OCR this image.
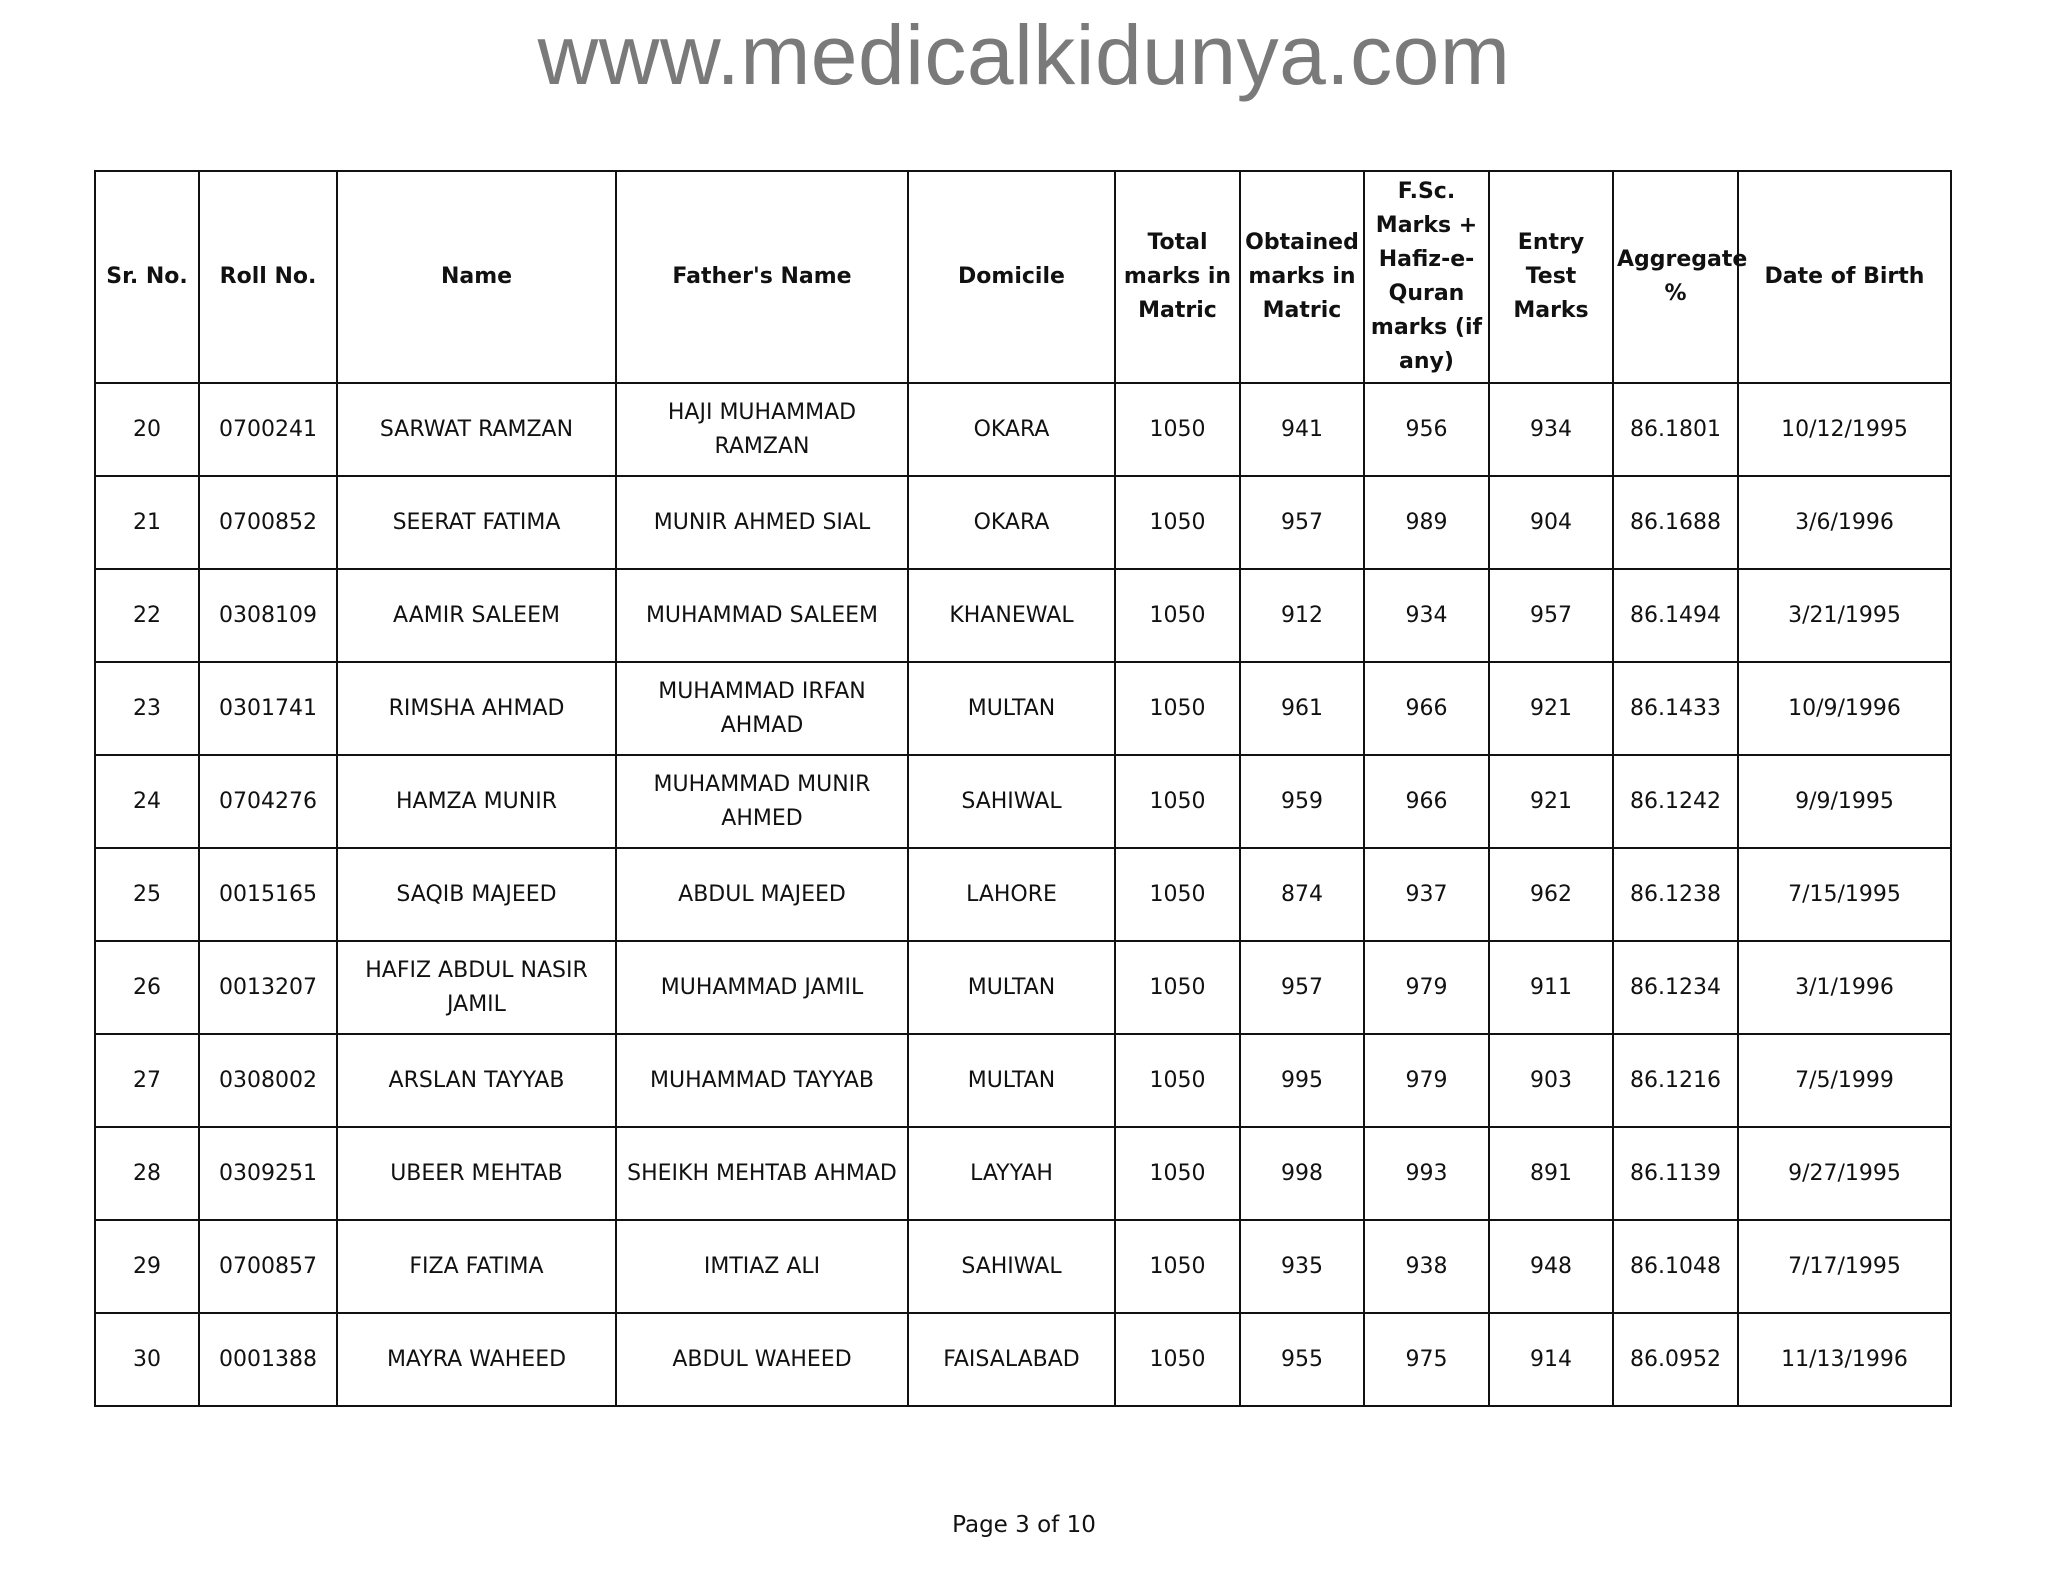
www.medicalkidunya.com
Sr. No.	Roll No.	Name	Father's Name	Domicile	Total marks in Matric	Obtained marks in Matric	F.Sc. Marks + Hafiz-e-Quran marks (if any)	Entry Test Marks	Aggregate %	Date of Birth
20	0700241	SARWAT RAMZAN	HAJI MUHAMMAD RAMZAN	OKARA	1050	941	956	934	86.1801	10/12/1995
21	0700852	SEERAT FATIMA	MUNIR AHMED SIAL	OKARA	1050	957	989	904	86.1688	3/6/1996
22	0308109	AAMIR SALEEM	MUHAMMAD SALEEM	KHANEWAL	1050	912	934	957	86.1494	3/21/1995
23	0301741	RIMSHA AHMAD	MUHAMMAD IRFAN AHMAD	MULTAN	1050	961	966	921	86.1433	10/9/1996
24	0704276	HAMZA MUNIR	MUHAMMAD MUNIR AHMED	SAHIWAL	1050	959	966	921	86.1242	9/9/1995
25	0015165	SAQIB MAJEED	ABDUL MAJEED	LAHORE	1050	874	937	962	86.1238	7/15/1995
26	0013207	HAFIZ ABDUL NASIR JAMIL	MUHAMMAD JAMIL	MULTAN	1050	957	979	911	86.1234	3/1/1996
27	0308002	ARSLAN TAYYAB	MUHAMMAD TAYYAB	MULTAN	1050	995	979	903	86.1216	7/5/1999
28	0309251	UBEER MEHTAB	SHEIKH MEHTAB AHMAD	LAYYAH	1050	998	993	891	86.1139	9/27/1995
29	0700857	FIZA FATIMA	IMTIAZ ALI	SAHIWAL	1050	935	938	948	86.1048	7/17/1995
30	0001388	MAYRA WAHEED	ABDUL WAHEED	FAISALABAD	1050	955	975	914	86.0952	11/13/1996
Page 3 of 10
